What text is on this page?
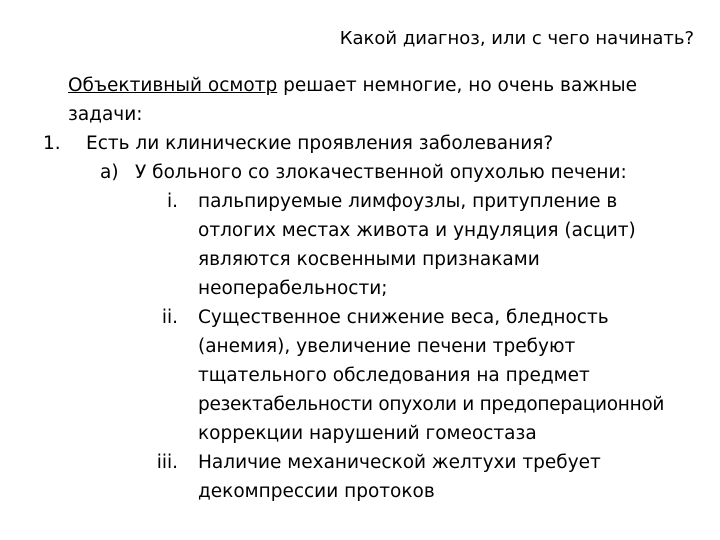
Какой диагноз, или с чего начинать?
Объективный осмотр решает немногие, но очень важные задачи:
1. Есть ли клинические проявления заболевания?
a) У больного со злокачественной опухолью печени:
i. пальпируемые лимфоузлы, притупление в
отлогих местах живота и ундуляция (асцит)
являются косвенными признаками
неоперабельности;
ii. Существенное снижение веса, бледность
(анемия), увеличение печени требуют
тщательного обследования на предмет
резектабельности опухоли и предоперационной
коррекции нарушений гомеостаза
iii. Наличие механической желтухи требует
декомпрессии протоков
